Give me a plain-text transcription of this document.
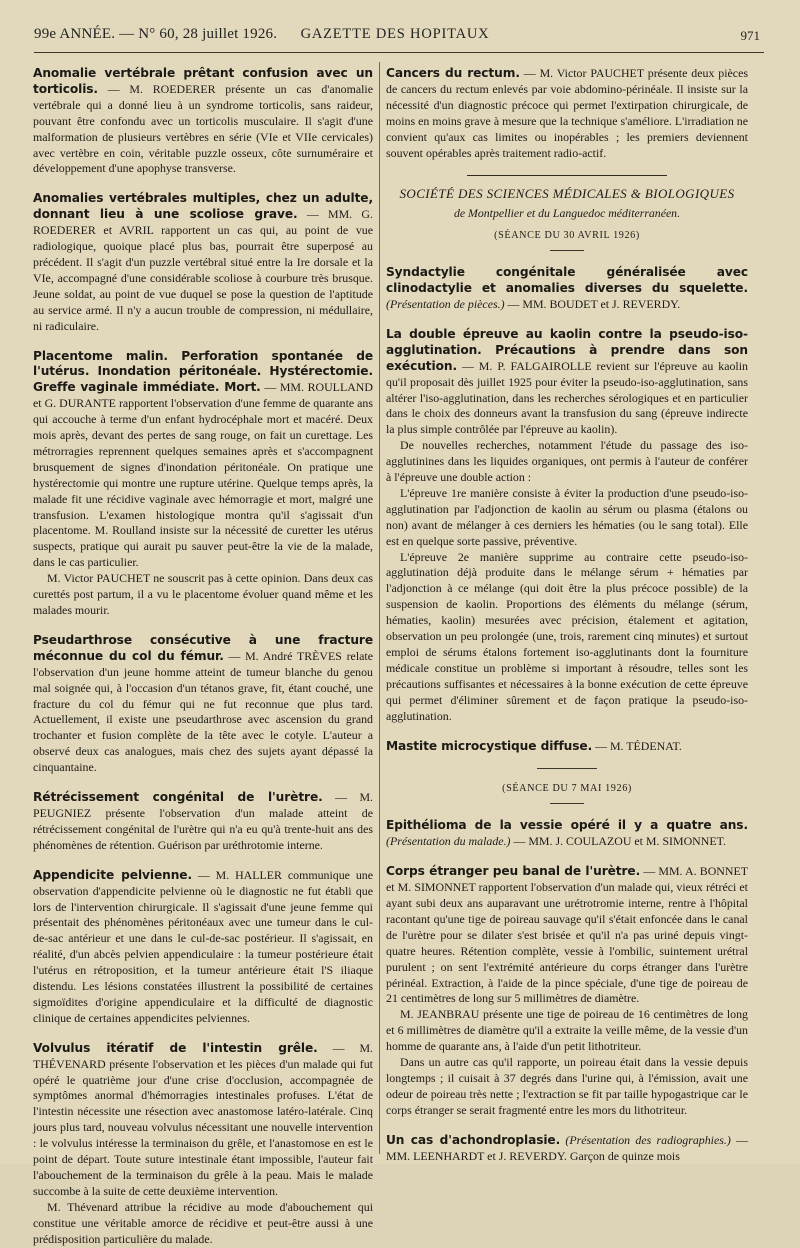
99e ANNÉE. — N° 60, 28 juillet 1926.	GAZETTE DES HOPITAUX	971

Anomalie vertébrale prêtant confusion avec un torticolis. — M. ROEDERER présente un cas d'anomalie vertébrale qui a donné lieu à un syndrome torticolis, sans raideur, pouvant être confondu avec un torticolis musculaire. Il s'agit d'une malformation de plusieurs vertèbres en série (VIe et VIIe cervicales) avec vertèbre en coin, véritable puzzle osseux, côte surnuméraire et développement d'une apophyse transverse.

Anomalies vertébrales multiples, chez un adulte, donnant lieu à une scoliose grave. — MM. G. ROEDERER et AVRIL rapportent un cas qui, au point de vue radiologique, quoique placé plus bas, pourrait être superposé au précédent. Il s'agit d'un puzzle vertébral situé entre la Ire dorsale et la VIe, accompagné d'une considérable scoliose à courbure très brusque. Jeune soldat, au point de vue duquel se pose la question de l'aptitude au service armé. Il n'y a aucun trouble de compression, ni médullaire, ni radiculaire.

Placentome malin. Perforation spontanée de l'utérus. Inondation péritonéale. Hystérectomie. Greffe vaginale immédiate. Mort. — MM. ROULLAND et G. DURANTE rapportent l'observation d'une femme de quarante ans qui accouche à terme d'un enfant hydrocéphale mort et macéré. Deux mois après, devant des pertes de sang rouge, on fait un curettage. Les métrorragies reprennent quelques semaines après et s'accompagnent brusquement de signes d'inondation péritonéale. On pratique une hystérectomie qui montre une rupture utérine. Quelque temps après, la malade fit une récidive vaginale avec hémorragie et mort, malgré une transfusion. L'examen histologique montra qu'il s'agissait d'un placentome. M. Roulland insiste sur la nécessité de curetter les utérus suspects, pratique qui aurait pu sauver peut-être la vie de la malade, dans le cas particulier.

M. Victor PAUCHET ne souscrit pas à cette opinion. Dans deux cas curettés post partum, il a vu le placentome évoluer quand même et les malades mourir.

Pseudarthrose consécutive à une fracture méconnue du col du fémur. — M. André TRÈVES relate l'observation d'un jeune homme atteint de tumeur blanche du genou mal soignée qui, à l'occasion d'un tétanos grave, fit, étant couché, une fracture du col du fémur qui ne fut reconnue que plus tard. Actuellement, il existe une pseudarthrose avec ascension du grand trochanter et fusion complète de la tête avec le cotyle. L'auteur a observé deux cas analogues, mais chez des sujets ayant dépassé la cinquantaine.

Rétrécissement congénital de l'urètre. — M. PEUGNIEZ présente l'observation d'un malade atteint de rétrécissement congénital de l'urètre qui n'a eu qu'à trente-huit ans des phénomènes de rétention. Guérison par uréthrotomie interne.

Appendicite pelvienne. — M. HALLER communique une observation d'appendicite pelvienne où le diagnostic ne fut établi que lors de l'intervention chirurgicale. Il s'agissait d'une jeune femme qui présentait des phénomènes péritonéaux avec une tumeur dans le cul-de-sac antérieur et une dans le cul-de-sac postérieur. Il s'agissait, en réalité, d'un abcès pelvien appendiculaire : la tumeur postérieure était l'utérus en rétroposition, et la tumeur antérieure était l'S iliaque distendu. Les lésions constatées illustrent la possibilité de certaines sigmoïdites d'origine appendiculaire et la difficulté de diagnostic clinique de certaines appendicites pelviennes.

Volvulus itératif de l'intestin grêle. — M. THÉVENARD présente l'observation et les pièces d'un malade qui fut opéré le quatrième jour d'une crise d'occlusion, accompagnée de symptômes anormal d'hémorragies intestinales profuses. L'état de l'intestin nécessite une résection avec anastomose latéro-latérale. Cinq jours plus tard, nouveau volvulus nécessitant une nouvelle intervention : le volvulus intéresse la terminaison du grêle, et l'anastomose en est le point de départ. Toute suture intestinale étant impossible, l'auteur fait l'abouchement de la terminaison du grêle à la peau. Mais le malade succombe à la suite de cette deuxième intervention.

M. Thévenard attribue la récidive au mode d'abouchement qui constitue une véritable amorce de récidive et peut-être aussi à une prédisposition particulière du malade.

Cancers du rectum. — M. Victor PAUCHET présente deux pièces de cancers du rectum enlevés par voie abdomino-périnéale. Il insiste sur la nécessité d'un diagnostic précoce qui permet l'extirpation chirurgicale, de moins en moins grave à mesure que la technique s'améliore. L'irradiation ne convient qu'aux cas limites ou inopérables ; les premiers deviennent souvent opérables après traitement radio-actif.

SOCIÉTÉ DES SCIENCES MÉDICALES & BIOLOGIQUES
de Montpellier et du Languedoc méditerranéen.
(SÉANCE DU 30 AVRIL 1926)

Syndactylie congénitale généralisée avec clinodactylie et anomalies diverses du squelette. (Présentation de pièces.) — MM. BOUDET et J. REVERDY.

La double épreuve au kaolin contre la pseudo-iso-agglutination. Précautions à prendre dans son exécution. — M. P. FALGAIROLLE revient sur l'épreuve au kaolin qu'il proposait dès juillet 1925 pour éviter la pseudo-iso-agglutination, sans altérer l'iso-agglutination, dans les recherches sérologiques et en particulier dans le choix des donneurs avant la transfusion du sang (épreuve indirecte la plus simple contrôlée par l'épreuve au kaolin).

De nouvelles recherches, notamment l'étude du passage des iso-agglutinines dans les liquides organiques, ont permis à l'auteur de conférer à l'épreuve une double action :

L'épreuve 1re manière consiste à éviter la production d'une pseudo-iso-agglutination par l'adjonction de kaolin au sérum ou plasma (étalons ou non) avant de mélanger à ces derniers les hématies (ou le sang total). Elle est en quelque sorte passive, préventive.

L'épreuve 2e manière supprime au contraire cette pseudo-iso-agglutination déjà produite dans le mélange sérum + hématies par l'adjonction à ce mélange (qui doit être la plus précoce possible) de la suspension de kaolin. Proportions des éléments du mélange (sérum, hématies, kaolin) mesurées avec précision, étalement et agitation, observation un peu prolongée (une, trois, rarement cinq minutes) et surtout emploi de sérums étalons fortement iso-agglutinants dont la fourniture médicale constitue un problème si important à résoudre, telles sont les précautions suffisantes et nécessaires à la bonne exécution de cette épreuve qui permet d'éliminer sûrement et de façon pratique la pseudo-iso-agglutination.

Mastite microcystique diffuse. — M. TÉDENAT.

(SÉANCE DU 7 MAI 1926)

Epithélioma de la vessie opéré il y a quatre ans. (Présentation du malade.) — MM. J. COULAZOU et M. SIMONNET.

Corps étranger peu banal de l'urètre. — MM. A. BONNET et M. SIMONNET rapportent l'observation d'un malade qui, vieux rétréci et ayant subi deux ans auparavant une urétrotromie interne, rentre à l'hôpital racontant qu'une tige de poireau sauvage qu'il s'était enfoncée dans le canal de l'urètre pour se dilater s'est brisée et qu'il n'a pas uriné depuis vingt-quatre heures. Rétention complète, vessie à l'ombilic, suintement urétral purulent ; on sent l'extrémité antérieure du corps étranger dans l'urètre périnéal. Extraction, à l'aide de la pince spéciale, d'une tige de poireau de 21 centimètres de long sur 5 millimètres de diamètre.

M. JEANBRAU présente une tige de poireau de 16 centimètres de long et 6 millimètres de diamètre qu'il a extraite la veille même, de la vessie d'un homme de quarante ans, à l'aide d'un petit lithotriteur.

Dans un autre cas qu'il rapporte, un poireau était dans la vessie depuis longtemps ; il cuisait à 37 degrés dans l'urine qui, à l'émission, avait une odeur de poireau très nette ; l'extraction se fit par taille hypogastrique car le corps étranger se serait fragmenté entre les mors du lithotriteur.

Un cas d'achondroplasie. (Présentation des radiographies.) — MM. LEENHARDT et J. REVERDY. Garçon de quinze mois
